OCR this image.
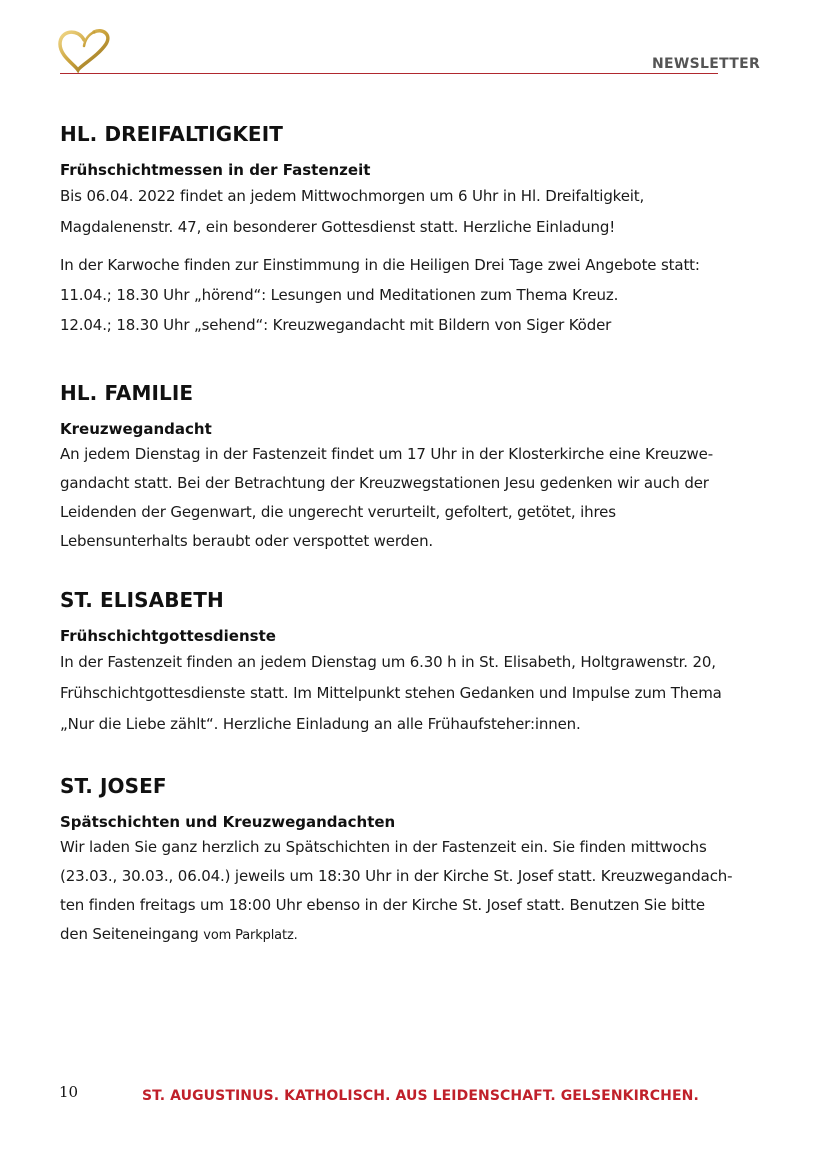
NEWSLETTER
HL. DREIFALTIGKEIT
Frühschichtmessen in der Fastenzeit

Bis 06.04. 2022 findet an jedem Mittwochmorgen um 6 Uhr in Hl. Dreifaltigkeit,
Magdalenenstr. 47, ein besonderer Gottesdienst statt. Herzliche Einladung!

In der Karwoche finden zur Einstimmung in die Heiligen Drei Tage zwei Angebote statt:
11.04.; 18.30 Uhr „hörend“: Lesungen und Meditationen zum Thema Kreuz.
12.04.; 18.30 Uhr „sehend“: Kreuzwegandacht mit Bildern von Siger Köder

HL. FAMILIE
Kreuzwegandacht

An jedem Dienstag in der Fastenzeit findet um 17 Uhr in der Klosterkirche eine Kreuzwe-
gandacht statt. Bei der Betrachtung der Kreuzwegstationen Jesu gedenken wir auch der
Leidenden der Gegenwart, die ungerecht verurteilt, gefoltert, getötet, ihres
Lebensunterhalts beraubt oder verspottet werden.

ST. ELISABETH
Frühschichtgottesdienste

In der Fastenzeit finden an jedem Dienstag um 6.30 h in St. Elisabeth, Holtgrawenstr. 20,
Frühschichtgottesdienste statt. Im Mittelpunkt stehen Gedanken und Impulse zum Thema
„Nur die Liebe zählt“. Herzliche Einladung an alle Frühaufsteher:innen.

ST. JOSEF
Spätschichten und Kreuzwegandachten

Wir laden Sie ganz herzlich zu Spätschichten in der Fastenzeit ein. Sie finden mittwochs
(23.03., 30.03., 06.04.) jeweils um 18:30 Uhr in der Kirche St. Josef statt. Kreuzwegandach-
ten finden freitags um 18:00 Uhr ebenso in der Kirche St. Josef statt. Benutzen Sie bitte
den Seiteneingang vom Parkplatz.

10	ST. AUGUSTINUS. KATHOLISCH. AUS LEIDENSCHAFT. GELSENKIRCHEN.
